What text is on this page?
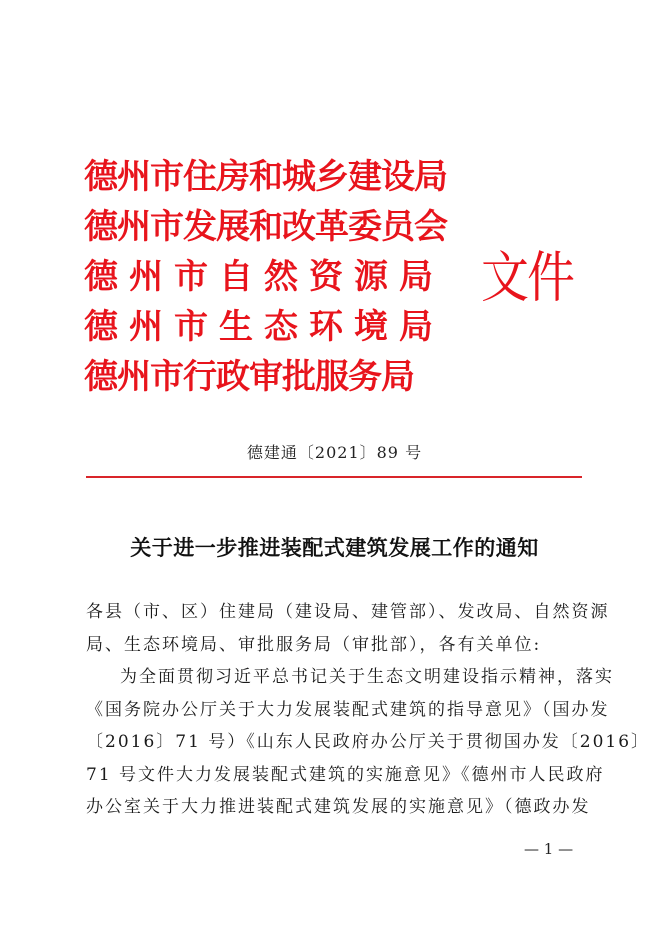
德州市住房和城乡建设局
德州市发展和改革委员会
德州市自然资源局
德州市生态环境局
德州市行政审批服务局
文件
德建通〔2021〕89 号
关于进一步推进装配式建筑发展工作的通知
各县（市、区）住建局（建设局、建管部）、发改局、自然资源
局、生态环境局、审批服务局（审批部），各有关单位:
为全面贯彻习近平总书记关于生态文明建设指示精神，落实
《国务院办公厅关于大力发展装配式建筑的指导意见》（国办发
〔2016〕71 号）《山东人民政府办公厅关于贯彻国办发〔2016〕
71 号文件大力发展装配式建筑的实施意见》《德州市人民政府
办公室关于大力推进装配式建筑发展的实施意见》（德政办发
— 1 —
